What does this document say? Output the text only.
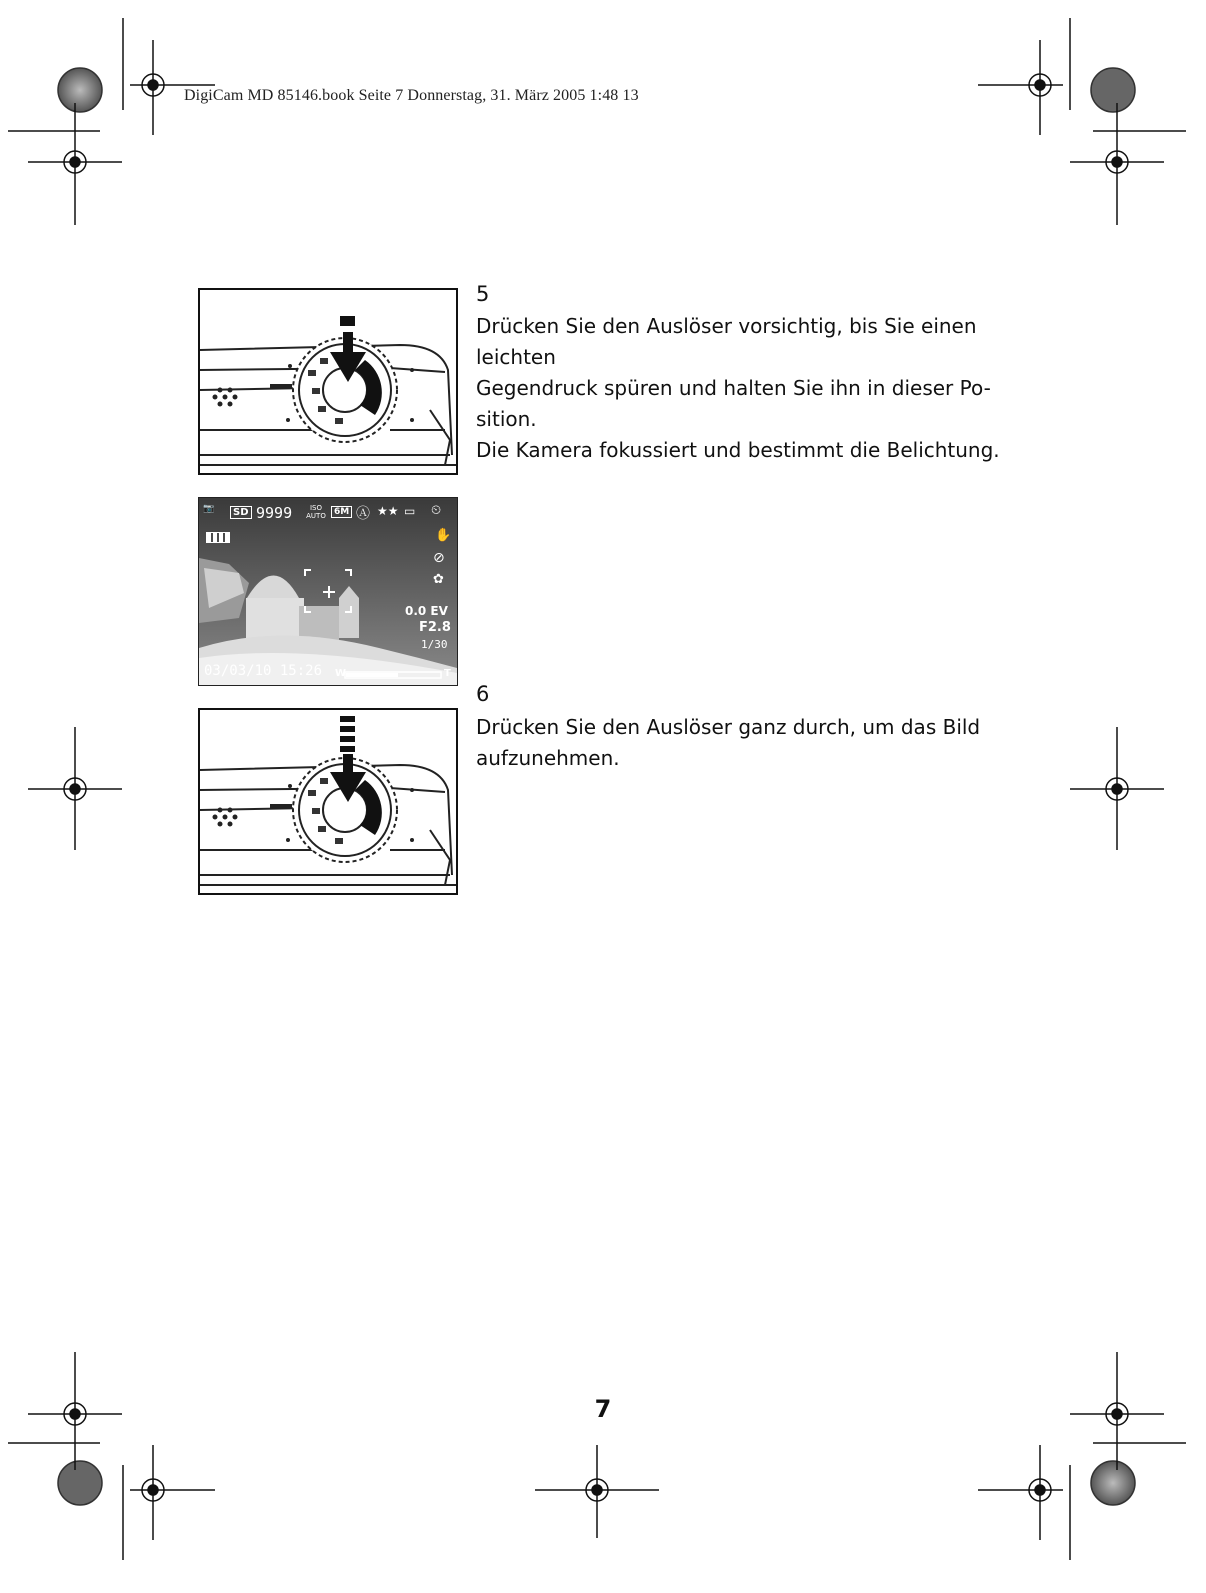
DigiCam MD 85146.book Seite 7 Donnerstag, 31. März 2005 1:48 13
📷	SD 9999	ISO AUTO 6M Ⓐ ★★ ▭ ⏲
✋
⊘
✿
0.0 EV
F2.8
1/30
03/03/10 15:26 W	T
5
Drücken Sie den Auslöser vorsichtig, bis Sie einen
leichten
Gegendruck spüren und halten Sie ihn in dieser Po-
sition.
Die Kamera fokussiert und bestimmt die Belichtung.
6
Drücken Sie den Auslöser ganz durch, um das Bild
aufzunehmen.
7
